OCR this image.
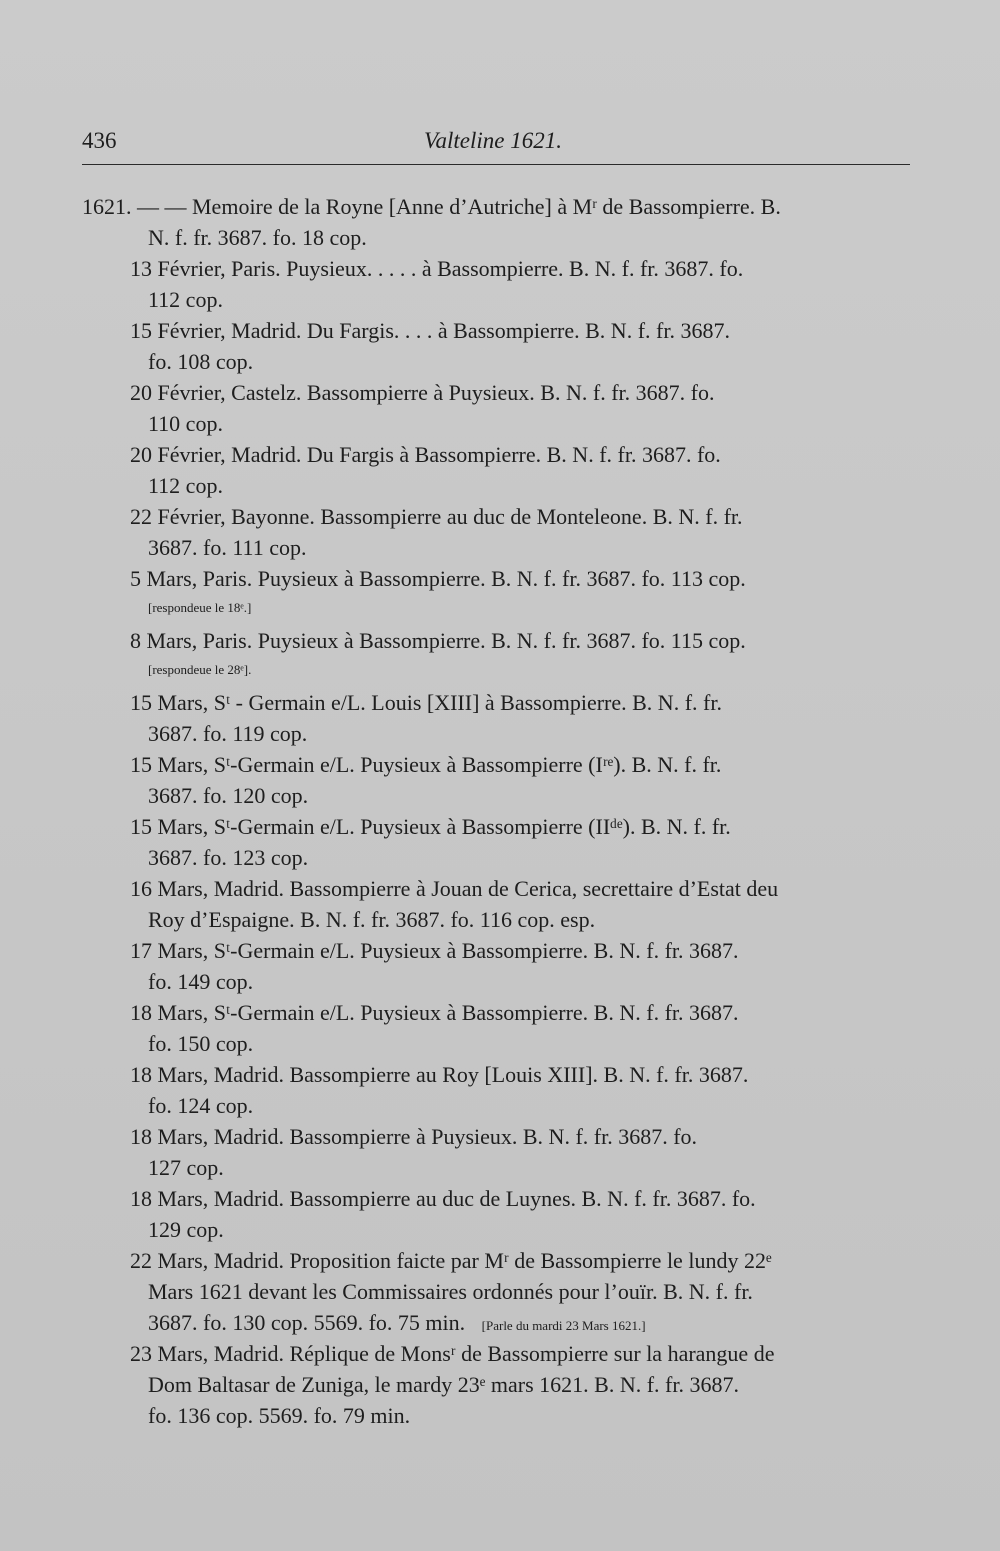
436	Valteline 1621.
1621. — — Memoire de la Royne [Anne d’Autriche] à Mʳ de Bassompierre. B.
N. f. fr. 3687. fo. 18 cop.
13 Février, Paris. Puysieux. . . . . à Bassompierre. B. N. f. fr. 3687. fo.
112 cop.
15 Février, Madrid. Du Fargis. . . . à Bassompierre. B. N. f. fr. 3687.
fo. 108 cop.
20 Février, Castelz. Bassompierre à Puysieux. B. N. f. fr. 3687. fo.
110 cop.
20 Février, Madrid. Du Fargis à Bassompierre. B. N. f. fr. 3687. fo.
112 cop.
22 Février, Bayonne. Bassompierre au duc de Monteleone. B. N. f. fr.
3687. fo. 111 cop.
5 Mars, Paris. Puysieux à Bassompierre. B. N. f. fr. 3687. fo. 113 cop.
[respondeue le 18ᵉ.]
8 Mars, Paris. Puysieux à Bassompierre. B. N. f. fr. 3687. fo. 115 cop.
[respondeue le 28ᵉ].
15 Mars, Sᵗ - Germain e/L. Louis [XIII] à Bassompierre. B. N. f. fr.
3687. fo. 119 cop.
15 Mars, Sᵗ-Germain e/L. Puysieux à Bassompierre (Iʳᵉ). B. N. f. fr.
3687. fo. 120 cop.
15 Mars, Sᵗ-Germain e/L. Puysieux à Bassompierre (IIᵈᵉ). B. N. f. fr.
3687. fo. 123 cop.
16 Mars, Madrid. Bassompierre à Jouan de Cerica, secrettaire d’Estat deu
Roy d’Espaigne. B. N. f. fr. 3687. fo. 116 cop. esp.
17 Mars, Sᵗ-Germain e/L. Puysieux à Bassompierre. B. N. f. fr. 3687.
fo. 149 cop.
18 Mars, Sᵗ-Germain e/L. Puysieux à Bassompierre. B. N. f. fr. 3687.
fo. 150 cop.
18 Mars, Madrid. Bassompierre au Roy [Louis XIII]. B. N. f. fr. 3687.
fo. 124 cop.
18 Mars, Madrid. Bassompierre à Puysieux. B. N. f. fr. 3687. fo.
127 cop.
18 Mars, Madrid. Bassompierre au duc de Luynes. B. N. f. fr. 3687. fo.
129 cop.
22 Mars, Madrid. Proposition faicte par Mʳ de Bassompierre le lundy 22ᵉ
Mars 1621 devant les Commissaires ordonnés pour l’ouïr. B. N. f. fr.
3687. fo. 130 cop. 5569. fo. 75 min. [Parle du mardi 23 Mars 1621.]
23 Mars, Madrid. Réplique de Monsʳ de Bassompierre sur la harangue de
Dom Baltasar de Zuniga, le mardy 23ᵉ mars 1621. B. N. f. fr. 3687.
fo. 136 cop. 5569. fo. 79 min.
